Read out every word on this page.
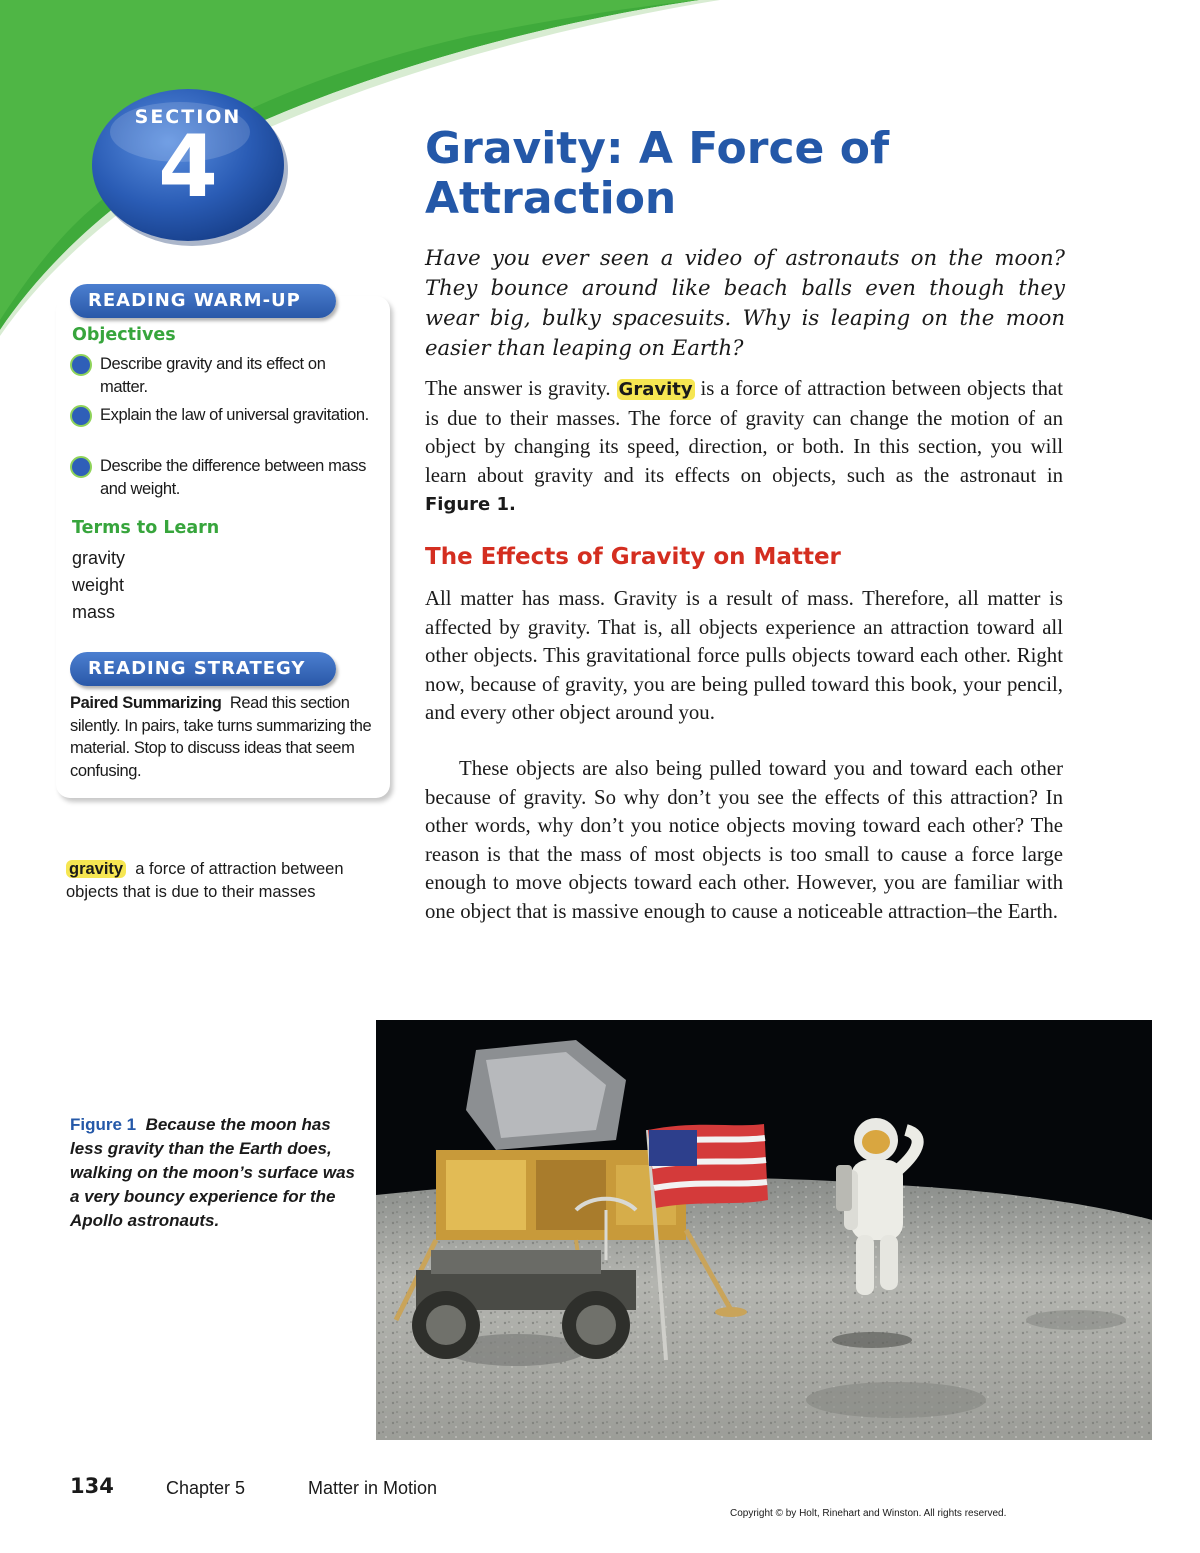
SECTION
4	Gravity: A Force of
Attraction

Have you ever seen a video of astronauts on the moon? They bounce around like beach balls even though they wear big, bulky spacesuits. Why is leaping on the moon easier than leaping on Earth?

The answer is gravity. Gravity is a force of attraction between objects that is due to their masses. The force of gravity can change the motion of an object by changing its speed, direction, or both. In this section, you will learn about gravity and its effects on objects, such as the astronaut in Figure 1.

The Effects of Gravity on Matter

All matter has mass. Gravity is a result of mass. Therefore, all matter is affected by gravity. That is, all objects experience an attraction toward all other objects. This gravitational force pulls objects toward each other. Right now, because of gravity, you are being pulled toward this book, your pencil, and every other object around you.

These objects are also being pulled toward you and toward each other because of gravity. So why don’t you see the effects of this attraction? In other words, why don’t you notice objects moving toward each other? The reason is that the mass of most objects is too small to cause a force large enough to move objects toward each other. However, you are familiar with one object that is massive enough to cause a noticeable attraction–the Earth.

READING WARM-UP
Objectives
Describe gravity and its effect on matter.
Explain the law of universal gravitation.
Describe the difference between mass and weight.
Terms to Learn
gravity
weight
mass
READING STRATEGY

Paired Summarizing Read this section silently. In pairs, take turns summarizing the material. Stop to discuss ideas that seem confusing.

gravity a force of attraction between objects that is due to their masses

Figure 1 Because the moon has less gravity than the Earth does, walking on the moon’s surface was a very bouncy experience for the Apollo astronauts.

134	Chapter 5	Matter in Motion
Copyright © by Holt, Rinehart and Winston. All rights reserved.
